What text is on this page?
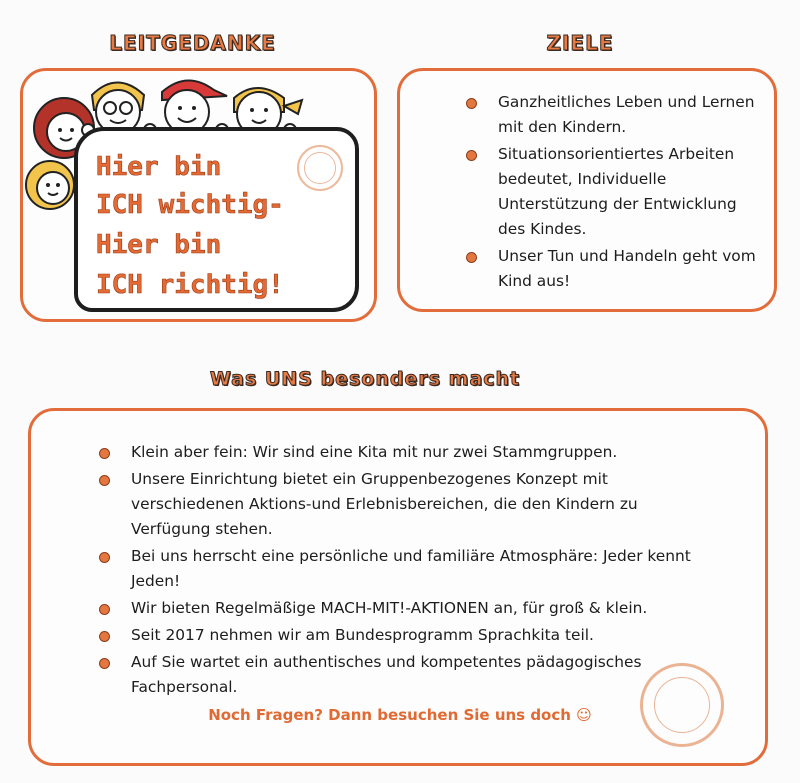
LEITGEDANKE	ZIELE
Was UNS besonders macht
Hier bin
ICH wichtig-
Hier bin
ICH richtig!
Ganzheitliches Leben und Lernen mit den Kindern.
Situationsorientiertes Arbeiten bedeutet, Individuelle Unterstützung der Entwicklung des Kindes.
Unser Tun und Handeln geht vom Kind aus!
Klein aber fein: Wir sind eine Kita mit nur zwei Stammgruppen.
Unsere Einrichtung bietet ein Gruppenbezogenes Konzept mit verschiedenen Aktions-und Erlebnisbereichen, die den Kindern zu Verfügung stehen.
Bei uns herrscht eine persönliche und familiäre Atmosphäre: Jeder kennt Jeden!
Wir bieten Regelmäßige MACH-MIT!-AKTIONEN an, für groß & klein.
Seit 2017 nehmen wir am Bundesprogramm Sprachkita teil.
Auf Sie wartet ein authentisches und kompetentes pädagogisches Fachpersonal.
Noch Fragen? Dann besuchen Sie uns doch ☺
